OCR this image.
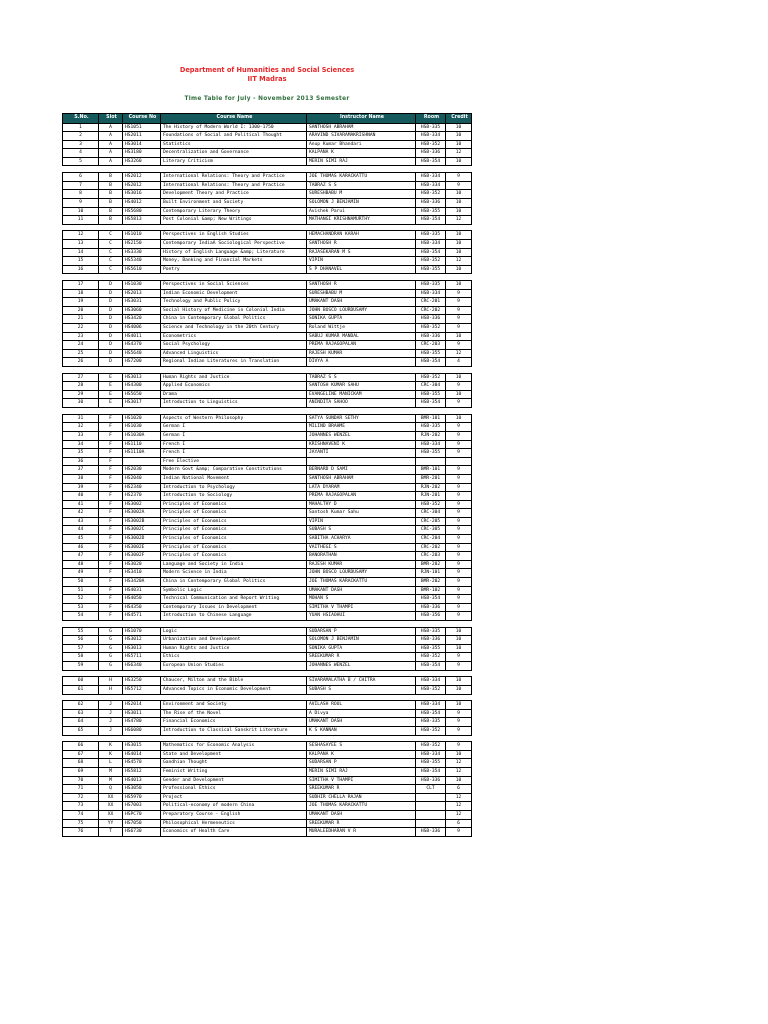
Department of Humanities and Social Sciences
IIT Madras
Time Table for July - November 2013 Semester
S.No.	Slot	Course No	Course Name	Instructor Name	Room	Credit
1	A	HS1051	The History of Modern World I: 1300-1750	SANTHOSH ABRAHAM	HSB-335	10
2	A	HS2011	Foundations of Social and Political Thought	ARAVIND SIVARAMAKRISHNAN	HSB-334	10
3	A	HS3014	Statistics	Anup Kumar Bhandari	HSB-352	10
4	A	HS3180	Decentralization and Governance	KALPANA K	HSB-336	12
5	A	HS3260	Literary Criticism	MERIN SIMI RAJ	HSB-354	10

6	B	HS2012	International Relations: Theory and Practice	JOE THOMAS KARACKATTU	HSB-334	9
7	B	HS2012	International Relations: Theory and Practice	TABRAZ S S	HSB-334	9
8	B	HS3016	Development Theory and Practice	SURESHBABU M	HSB-352	10
9	B	HS4012	Built Environment and Society	SOLOMON J BENJAMIN	HSB-336	10
10	B	HS5680	Contemporary Literary Theory	Avishek Parui	HSB-355	10
11	B	HS5813	Post Colonial &amp; New Writings	MATHANGI KRISHNAMURTHY	HSB-354	12

12	C	HS1010	Perspectives in English Studies	HEMACHANDRAN KARAH	HSB-335	10
13	C	HS2150	Contemporary IndiaA Sociological Perspective	SANTHOSH R	HSB-334	10
14	C	HS3330	History of English Language &amp; Literature	RAJASEKARAN M S	HSB-354	10
15	C	HS5340	Money, Banking and Financial Markets	VIPIN	HSB-352	12
16	C	HS5610	Poetry	S P DHANAVEL	HSB-355	10

17	D	HS1030	Perspectives in Social Sciences	SANTHOSH R	HSB-335	10
18	D	HS2013	Indian Economic Development	SURESHBABU M	HSB-334	9
19	D	HS3031	Technology and Public Policy	UMAKANT DASH	CRC-201	9
20	D	HS3060	Social History of Medicine in Colonial India	JOHN BOSCO LOURDUSAMY	CRC-202	9
21	D	HS3420	China in Contemporary Global Politics	SONIKA GUPTA	HSB-336	9
22	D	HS4006	Science and Technology in the 20th Century	Roland Wittje	HSB-352	9
23	D	HS4011	Econometrics	SABUJ KUMAR MANDAL	HSB-336	10
24	D	HS4370	Social Psychology	PREMA RAJAGOPALAN	CRC-203	9
25	D	HS5640	Advanced Linguistics	RAJESH KUMAR	HSB-355	12
26	D	HS7200	Regional Indian Literatures in Translation	DIVYA A	HSB-354	4

27	E	HS3013	Human Rights and Justice	TABRAZ S S	HSB-352	10
28	E	HS4300	Applied Economics	SANTOSH KUMAR SAHU	CRC-304	9
29	E	HS5650	Drama	EVANGELINE MANICKAM	HSB-355	10
30	E	HS3017	Introduction to Linguistics	ANINDITA SAHOO	HSB-354	9

31	F	HS1020	Aspects of Western Philosophy	SATYA SUNDAR SETHY	BMR-101	10
32	F	HS1030	German I	MILIND BRAHME	HSB-335	9
33	F	HS1030A	German I	JOHANNES WENZEL	RJN-202	9
34	F	HS1110	French I	KRISHNAVENI K	HSB-334	9
35	F	HS1110A	French I	JAYANTI	HSB-355	9
36	F		Free Elective			
37	F	HS2030	Modern Govt &amp; Comparative Constitutions	BERNARD D SAMI	BMR-101	9
38	F	HS2040	Indian National Movement	SANTHOSH ABRAHAM	BMR-201	9
39	F	HS2340	Introduction to Psychology	LATA DYARAM	RJN-202	9
40	F	HS2370	Introduction to Sociology	PREMA RAJAGOPALAN	RJN-201	9
41	F	HS3002	Principles of Economics	MAHALTHY D	HSB-352	9
42	F	HS3002A	Principles of Economics	Santosh Kumar Sahu	CRC-304	9
43	F	HS3002B	Principles of Economics	VIPIN	CRC-205	9
44	F	HS3002C	Principles of Economics	SUBASH S	CRC-305	9
45	F	HS3002D	Principles of Economics	SABITHA ACHARYA	CRC-204	9
46	F	HS3002E	Principles of Economics	VAITHEGI S	CRC-202	9
47	F	HS3002F	Principles of Economics	BANORATHAN	CRC-203	9
48	F	HS3020	Language and Society in India	RAJESH KUMAR	BMR-202	9
49	F	HS3410	Modern Science in India	JOHN BOSCO LOURDUSAMY	RJN-101	9
50	F	HS3420A	China in Contemporary Global Politics	JOE THOMAS KARACKATTU	BMR-202	9
51	F	HS4031	Symbolic Logic	UMAKANT DASH	BMR-102	9
52	F	HS4050	Technical Communication and Report Writing	MOHAN S	HSB-354	9
53	F	HS4350	Contemporary Issues in Development	SIMITHA V THAMPI	HSB-336	9
54	F	HS4571	Introduction to Chinese Language	YUAN HSIAOHUI	HSB-356	9

55	G	HS1070	Logic	SUDARSAN P	HSB-335	10
56	G	HS3012	Urbanization and Development	SOLOMON J BENJAMIN	HSB-336	10
57	G	HS3013	Human Rights and Justice	SONIKA GUPTA	HSB-355	10
58	G	HS5711	Ethics	SREEKUMAR R	HSB-352	9
59	G	HS6340	European Union Studies	JOHANNES WENZEL	HSB-354	9

60	H	HS3250	Chaucer, Milton and the Bible	SIVARAMALATHA B / CHITRA	HSB-334	10
61	H	HS5712	Advanced Topics in Economic Development	SUBASH S	HSB-352	10

62	J	HS2014	Environment and Society	AVILASH ROUL	HSB-334	10
63	J	HS3011	The Rise of the Novel	A Divya	HSB-354	9
64	J	HS4780	Financial Economics	UMAKANT DASH	HSB-335	9
65	J	HS6080	Introduction to Classical Sanskrit Literature	K S KANNAN	HSB-352	9

66	K	HS3015	Mathematics for Economic Analysis	SESHASAYEE S	HSB-352	9
67	K	HS4014	State and Development	KALPANA K	HSB-334	10
68	L	HS4570	Gandhian Thought	SUDARSAN P	HSB-355	12
69	M	HS5812	Feminist Writing	MERIN SIMI RAJ	HSB-354	12
70	M	HS4013	Gender and Development	SIMITHA V THAMPI	HSB-336	10
71	Q	HS3050	Professional Ethics	SREEKUMAR R	CLT	6
72	XX	HS5970	Project	SUDHIR CHELLA RAJAN		12
73	XX	HS7003	Political-economy of modern China	JOE THOMAS KARACKATTU		12
74	XX	HSPC70	Preparatory Course - English	UMAKANT DASH		12
75	YY	HS7050	Philosophical Hermeneutics	SREEKUMAR R		6
76	T	HS6730	Economics of Health Care	MURALEEDHARAN V R	HSB-336	9
